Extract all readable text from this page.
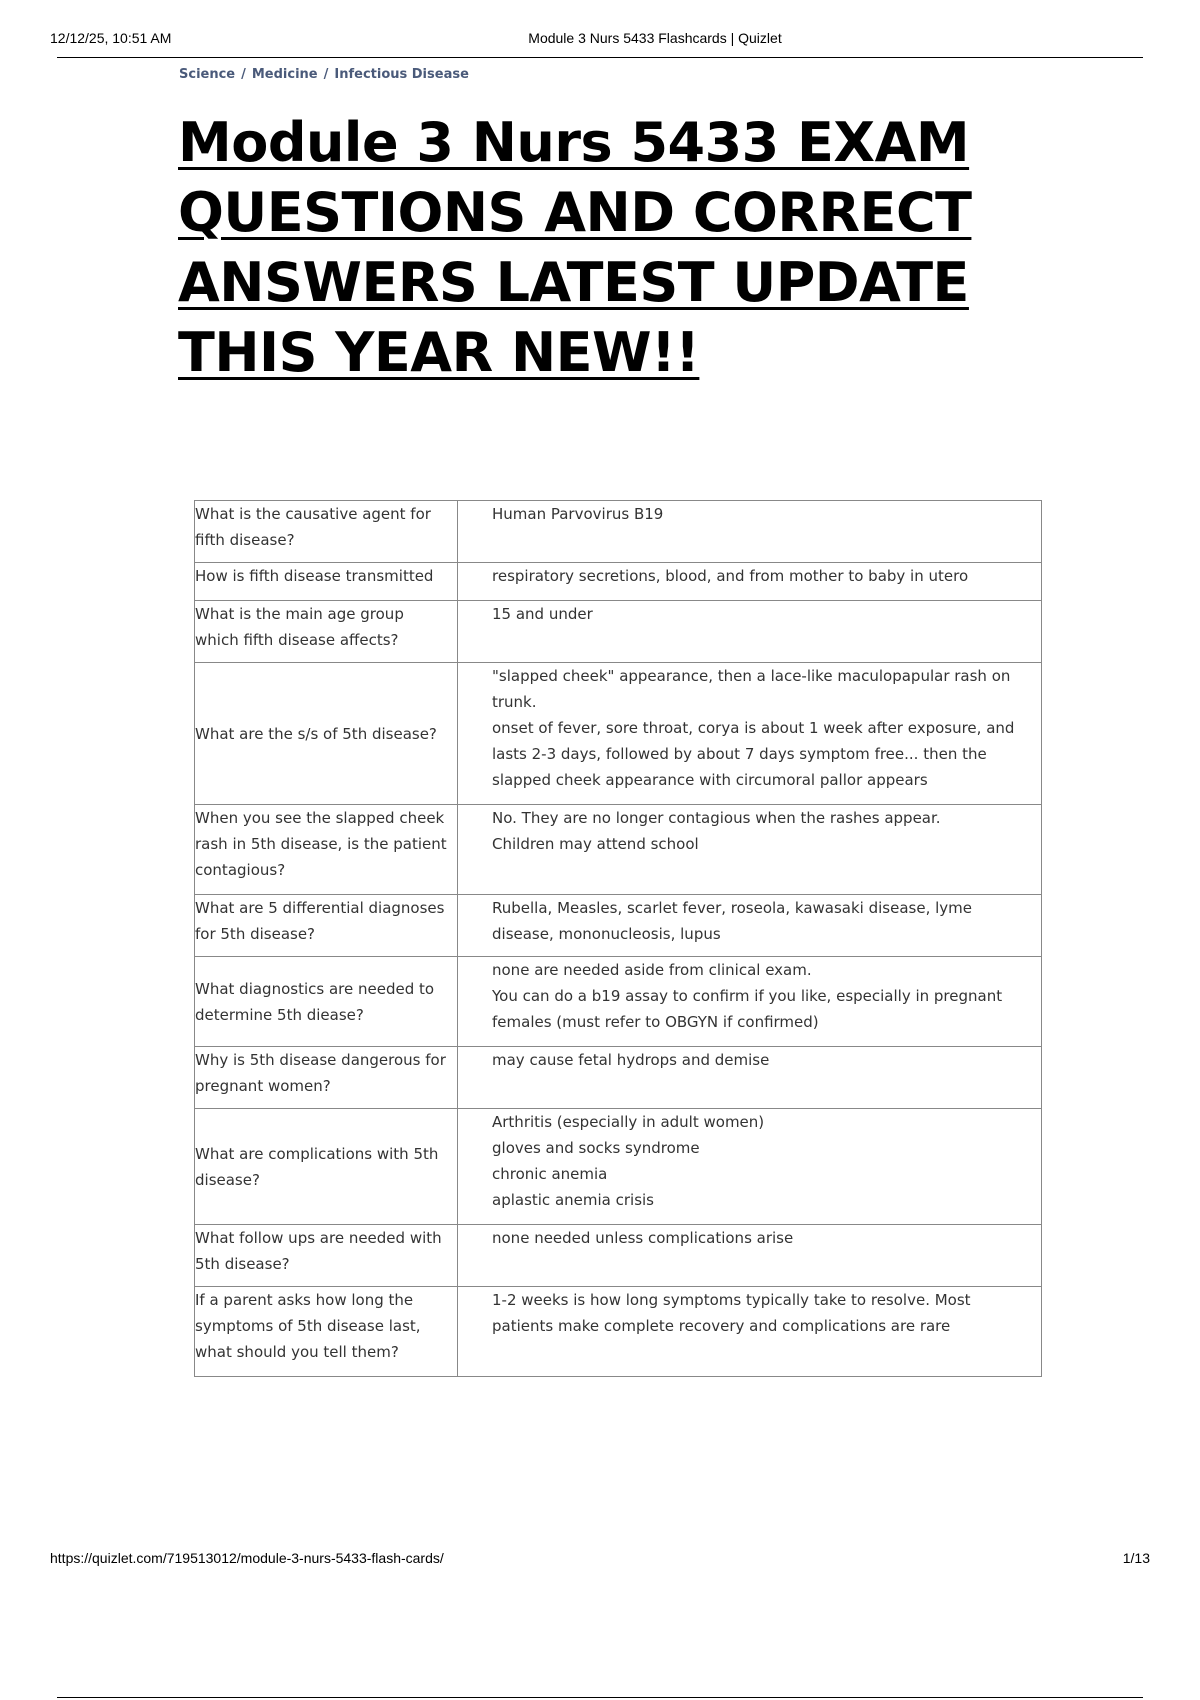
12/12/25, 10:51 AM	Module 3 Nurs 5433 Flashcards | Quizlet
Science / Medicine / Infectious Disease
Module 3 Nurs 5433 EXAM QUESTIONS AND CORRECT ANSWERS LATEST UPDATE THIS YEAR NEW!!
What is the causative agent for fifth disease?	Human Parvovirus B19

How is fifth disease transmitted	respiratory secretions, blood, and from mother to baby in utero

What is the main age group which fifth disease affects?	15 and under

What are the s/s of 5th disease?	"slapped cheek" appearance, then a lace-like maculopapular rash on trunk.
onset of fever, sore throat, corya is about 1 week after exposure, and lasts 2-3 days, followed by about 7 days symptom free... then the slapped cheek appearance with circumoral pallor appears

When you see the slapped cheek rash in 5th disease, is the patient contagious?	No. They are no longer contagious when the rashes appear.
Children may attend school

What are 5 differential diagnoses for 5th disease?	Rubella, Measles, scarlet fever, roseola, kawasaki disease, lyme disease, mononucleosis, lupus

What diagnostics are needed to determine 5th diease?	none are needed aside from clinical exam.
You can do a b19 assay to confirm if you like, especially in pregnant females (must refer to OBGYN if confirmed)

Why is 5th disease dangerous for pregnant women?	may cause fetal hydrops and demise

What are complications with 5th disease?	Arthritis (especially in adult women)
gloves and socks syndrome
chronic anemia
aplastic anemia crisis

What follow ups are needed with 5th disease?	none needed unless complications arise

If a parent asks how long the symptoms of 5th disease last, what should you tell them?	1-2 weeks is how long symptoms typically take to resolve. Most patients make complete recovery and complications are rare
https://quizlet.com/719513012/module-3-nurs-5433-flash-cards/	1/13
